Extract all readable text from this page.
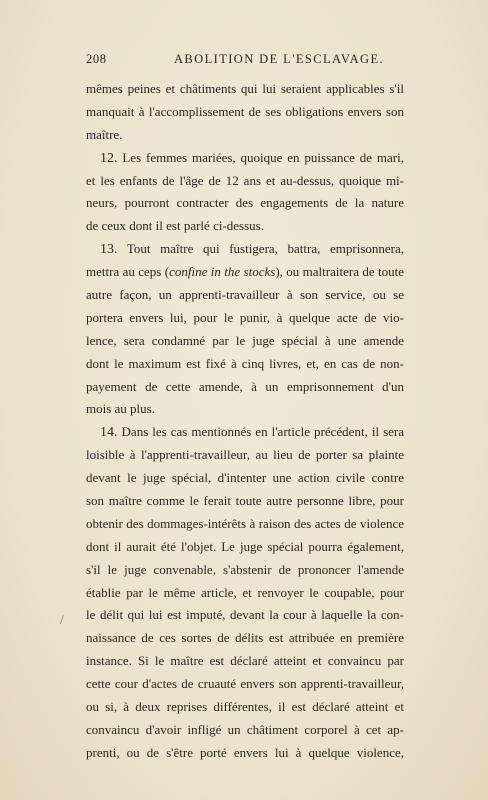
208	ABOLITION DE L'ESCLAVAGE.
mêmes peines et châtiments qui lui seraient applicables s'il
manquait à l'accomplissement de ses obligations envers son
maître.
12. Les femmes mariées, quoique en puissance de mari,
et les enfants de l'âge de 12 ans et au-dessus, quoique mi-
neurs, pourront contracter des engagements de la nature
de ceux dont il est parlé ci-dessus.
13. Tout maître qui fustigera, battra, emprisonnera,
mettra au ceps (confine in the stocks), ou maltraitera de toute
autre façon, un apprenti-travailleur à son service, ou se
portera envers lui, pour le punir, à quelque acte de vio-
lence, sera condamné par le juge spécial à une amende
dont le maximum est fixé à cinq livres, et, en cas de non-
payement de cette amende, à un emprisonnement d'un
mois au plus.
14. Dans les cas mentionnés en l'article précédent, il sera
loisible à l'apprenti-travailleur, au lieu de porter sa plainte
devant le juge spécial, d'intenter une action civile contre
son maître comme le ferait toute autre personne libre, pour
obtenir des dommages-intérêts à raison des actes de violence
dont il aurait été l'objet. Le juge spécial pourra également,
s'il le juge convenable, s'abstenir de prononcer l'amende
établie par le même article, et renvoyer le coupable, pour
le délit qui lui est imputé, devant la cour à laquelle la con-
naissance de ces sortes de délits est attribuée en première
instance. Si le maître est déclaré atteint et convaincu par
cette cour d'actes de cruauté envers son apprenti-travailleur,
ou si, à deux reprises différentes, il est déclaré atteint et
convaincu d'avoir infligé un châtiment corporel à cet ap-
prenti, ou de s'être porté envers lui à quelque violence,
/
